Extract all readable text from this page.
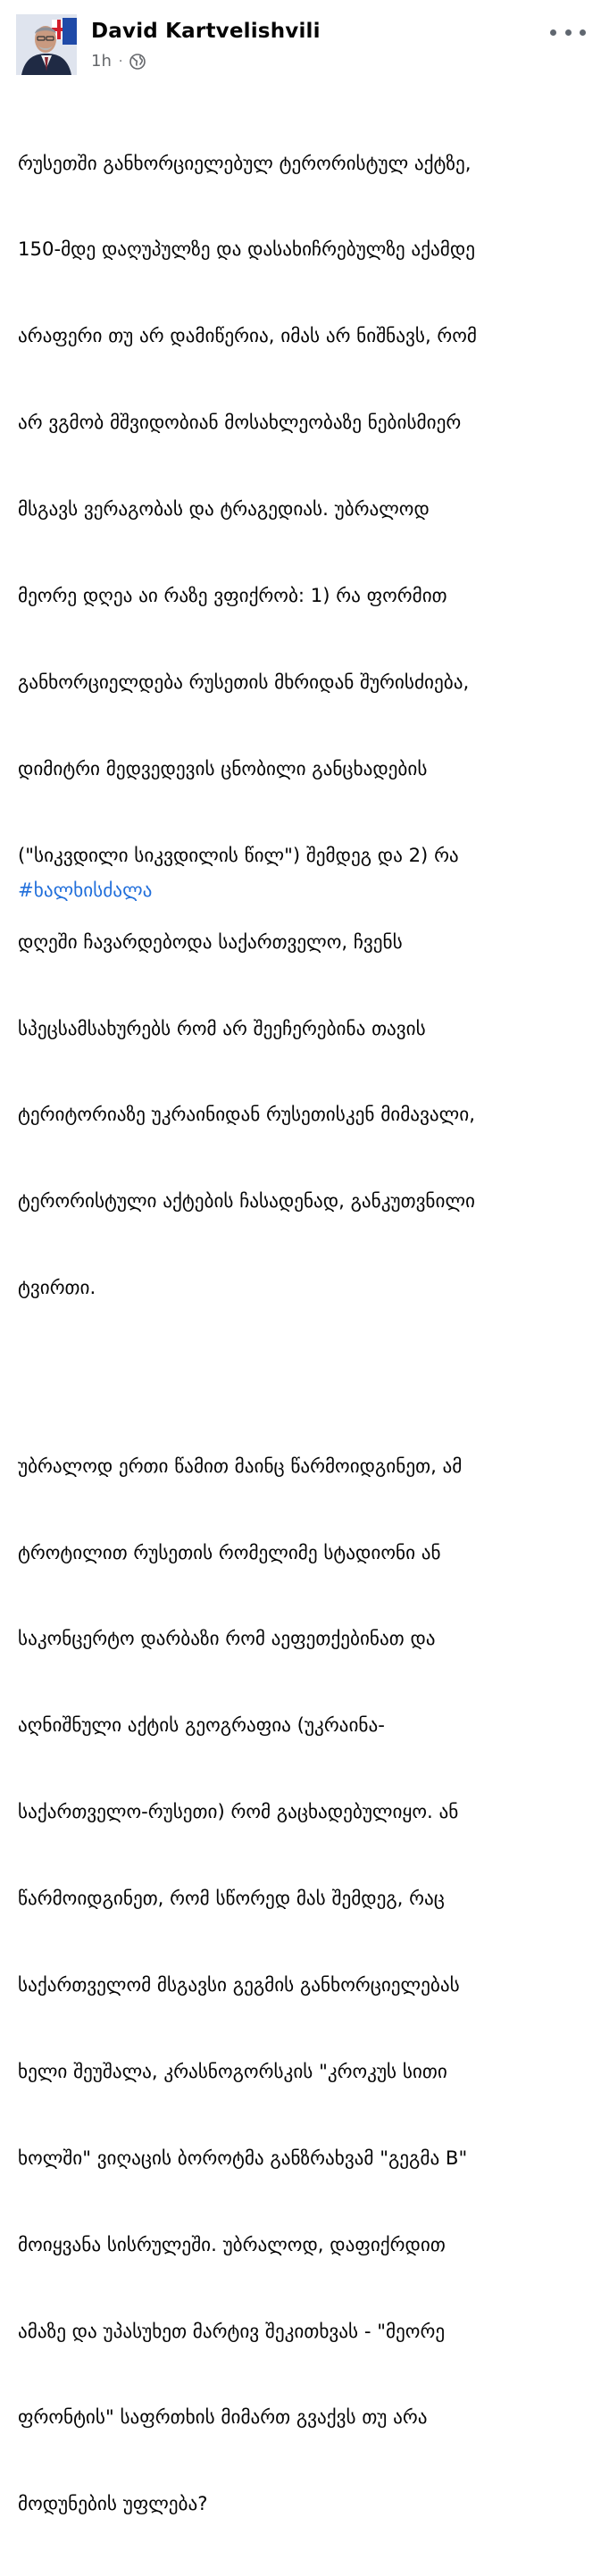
David Kartvelishvili
1h ·

რუსეთში განხორციელებულ ტერორისტულ აქტზე,

150-მდე დაღუპულზე და დასახიჩრებულზე აქამდე

არაფერი თუ არ დამიწერია, იმას არ ნიშნავს, რომ

არ ვგმობ მშვიდობიან მოსახლეობაზე ნებისმიერ

მსგავს ვერაგობას და ტრაგედიას. უბრალოდ

მეორე დღეა აი რაზე ვფიქრობ: 1) რა ფორმით

განხორციელდება რუსეთის მხრიდან შურისძიება,

დიმიტრი მედვედევის ცნობილი განცხადების

("სიკვდილი სიკვდილის წილ") შემდეგ და 2) რა

დღეში ჩავარდებოდა საქართველო, ჩვენს

სპეცსამსახურებს რომ არ შეეჩერებინა თავის

ტერიტორიაზე უკრაინიდან რუსეთისკენ მიმავალი,

ტერორისტული აქტების ჩასადენად, განკუთვნილი

ტვირთი.

უბრალოდ ერთი წამით მაინც წარმოიდგინეთ, ამ

ტროტილით რუსეთის რომელიმე სტადიონი ან

საკონცერტო დარბაზი რომ აეფეთქებინათ და

აღნიშნული აქტის გეოგრაფია (უკრაინა-

საქართველო-რუსეთი) რომ გაცხადებულიყო. ან

წარმოიდგინეთ, რომ სწორედ მას შემდეგ, რაც

საქართველომ მსგავსი გეგმის განხორციელებას

ხელი შეუშალა, კრასნოგორსკის "კროკუს სითი

ხოლში" ვიღაცის ბოროტმა განზრახვამ "გეგმა B"

მოიყვანა სისრულეში. უბრალოდ, დაფიქრდით

ამაზე და უპასუხეთ მარტივ შეკითხვას - "მეორე

ფრონტის" საფრთხის მიმართ გვაქვს თუ არა

მოდუნების უფლება?

#ხალხისძალა
